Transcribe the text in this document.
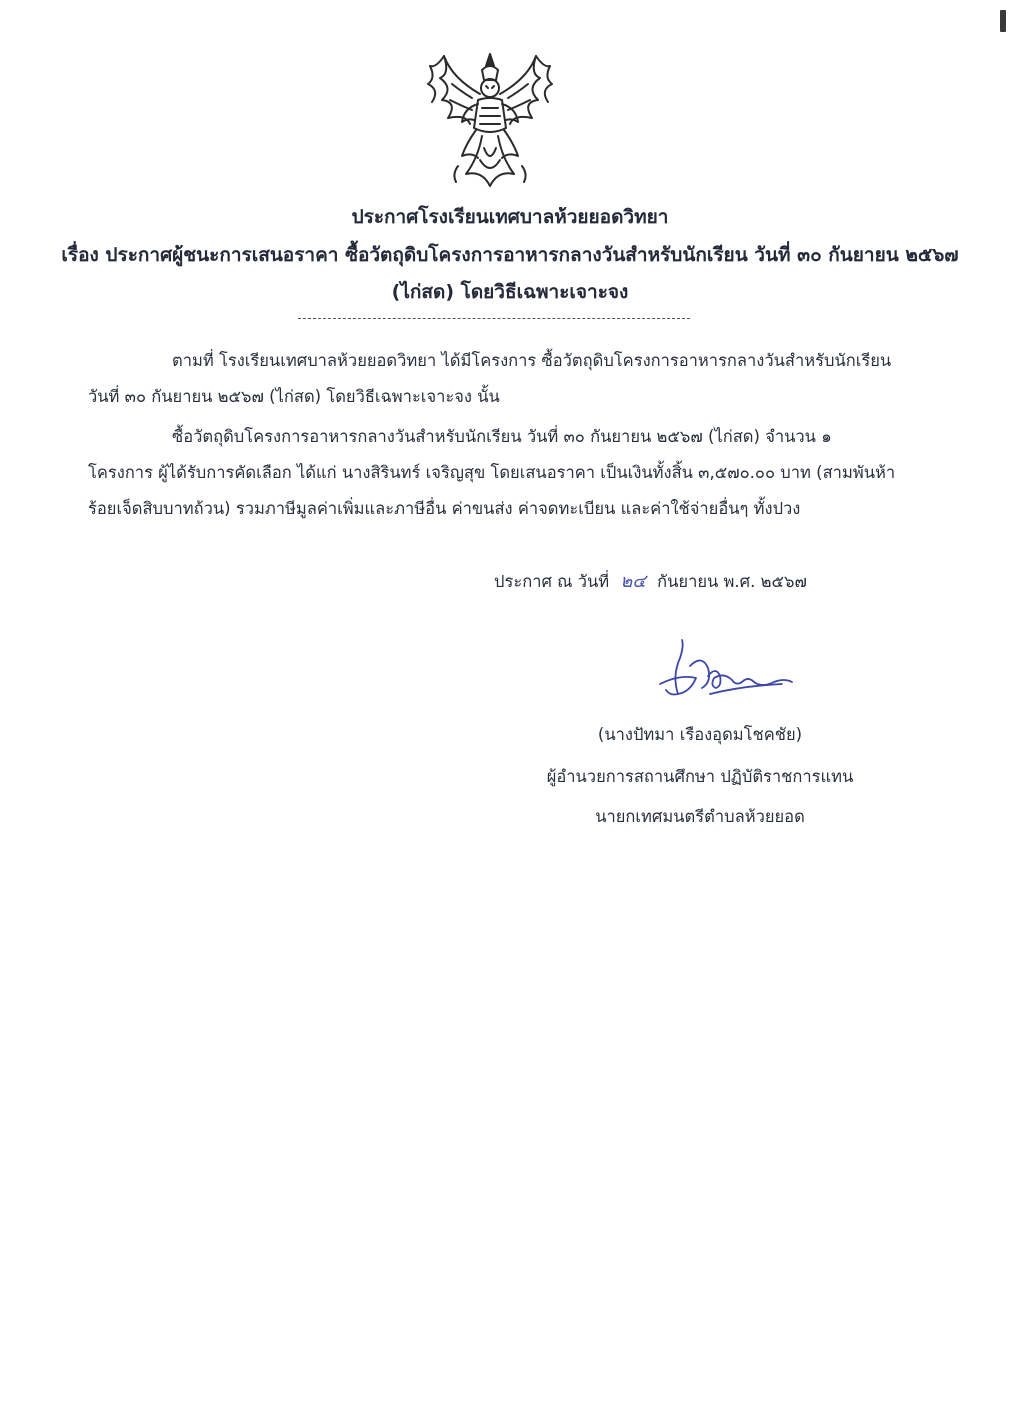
ประกาศโรงเรียนเทศบาลห้วยยอดวิทยา
เรื่อง ประกาศผู้ชนะการเสนอราคา ซื้อวัตถุดิบโครงการอาหารกลางวันสำหรับนักเรียน วันที่ ๓๐ กันยายน ๒๕๖๗
(ไก่สด) โดยวิธีเฉพาะเจาะจง
ตามที่ โรงเรียนเทศบาลห้วยยอดวิทยา ได้มีโครงการ ซื้อวัตถุดิบโครงการอาหารกลางวันสำหรับนักเรียน
วันที่ ๓๐ กันยายน ๒๕๖๗ (ไก่สด) โดยวิธีเฉพาะเจาะจง นั้น
ซื้อวัตถุดิบโครงการอาหารกลางวันสำหรับนักเรียน วันที่ ๓๐ กันยายน ๒๕๖๗ (ไก่สด) จำนวน ๑
โครงการ ผู้ได้รับการคัดเลือก ได้แก่ นางสิรินทร์ เจริญสุข โดยเสนอราคา เป็นเงินทั้งสิ้น ๓,๕๗๐.๐๐ บาท (สามพันห้า
ร้อยเจ็ดสิบบาทถ้วน) รวมภาษีมูลค่าเพิ่มและภาษีอื่น ค่าขนส่ง ค่าจดทะเบียน และค่าใช้จ่ายอื่นๆ ทั้งปวง
ประกาศ ณ วันที่ ๒๔ กันยายน พ.ศ. ๒๕๖๗
(นางปัทมา เรืองอุดมโชคชัย)
ผู้อำนวยการสถานศึกษา ปฏิบัติราชการแทน
นายกเทศมนตรีตำบลห้วยยอด
